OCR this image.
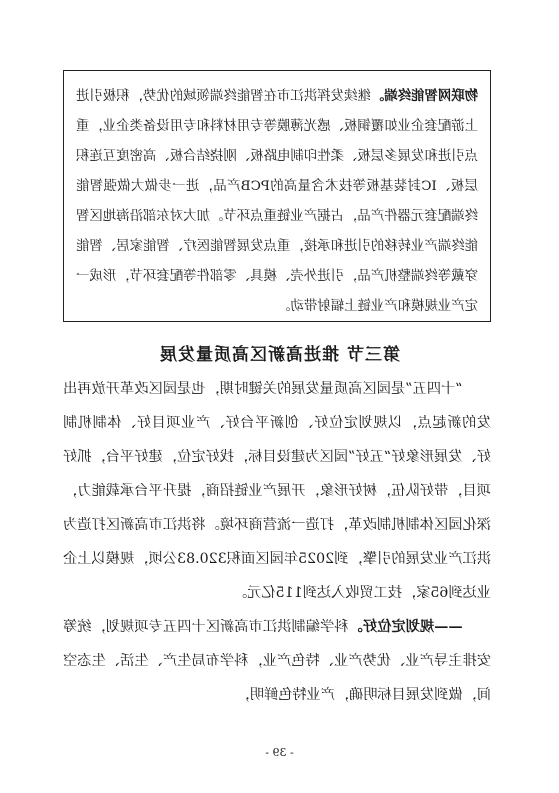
物联网智能终端。继续发挥洪江市在智能终端领域的优势，积极引进上游配套企业如覆铜板、感光薄膜等专用材料和专用设备类企业，重点引进和发展多层板、柔性印制电路板、刚挠结合板、高密度互连积层板、IC封装基板等技术含量高的PCB产品，进一步做大做强智能终端配套元器件产品，占据产业链重点环节。加大对东部沿海地区智能终端产业转移的引进和承接，重点发展智能医疗、智能家居、智能穿戴等终端整机产品，引进外壳、模具、零部件等配套环节，形成一定产业规模和产业链上辐射带动。
第三节 推进高新区高质量发展

“十四五”是园区高质量发展的关键时期，也是园区改革开放再出发的新起点，以规划定位好、创新平台好、产业项目好、体制机制好、发展形象好“五好”园区为建设目标，找好定位，建好平台，抓好项目，带好队伍，树好形象，开展产业链招商，提升平台承载能力，深化园区体制机制改革，打造一流营商环境。将洪江市高新区打造为洪江产业发展的引擎，到2025年园区面积320.83公顷，规模以上企业达到65家，技工贸收入达到115亿元。

——规划定位好。科学编制洪江市高新区十四五专项规划，统筹安排主导产业、优势产业、特色产业，科学布局生产、生活、生态空间，做到发展目标明确，产业特色鲜明，

- 39 -
